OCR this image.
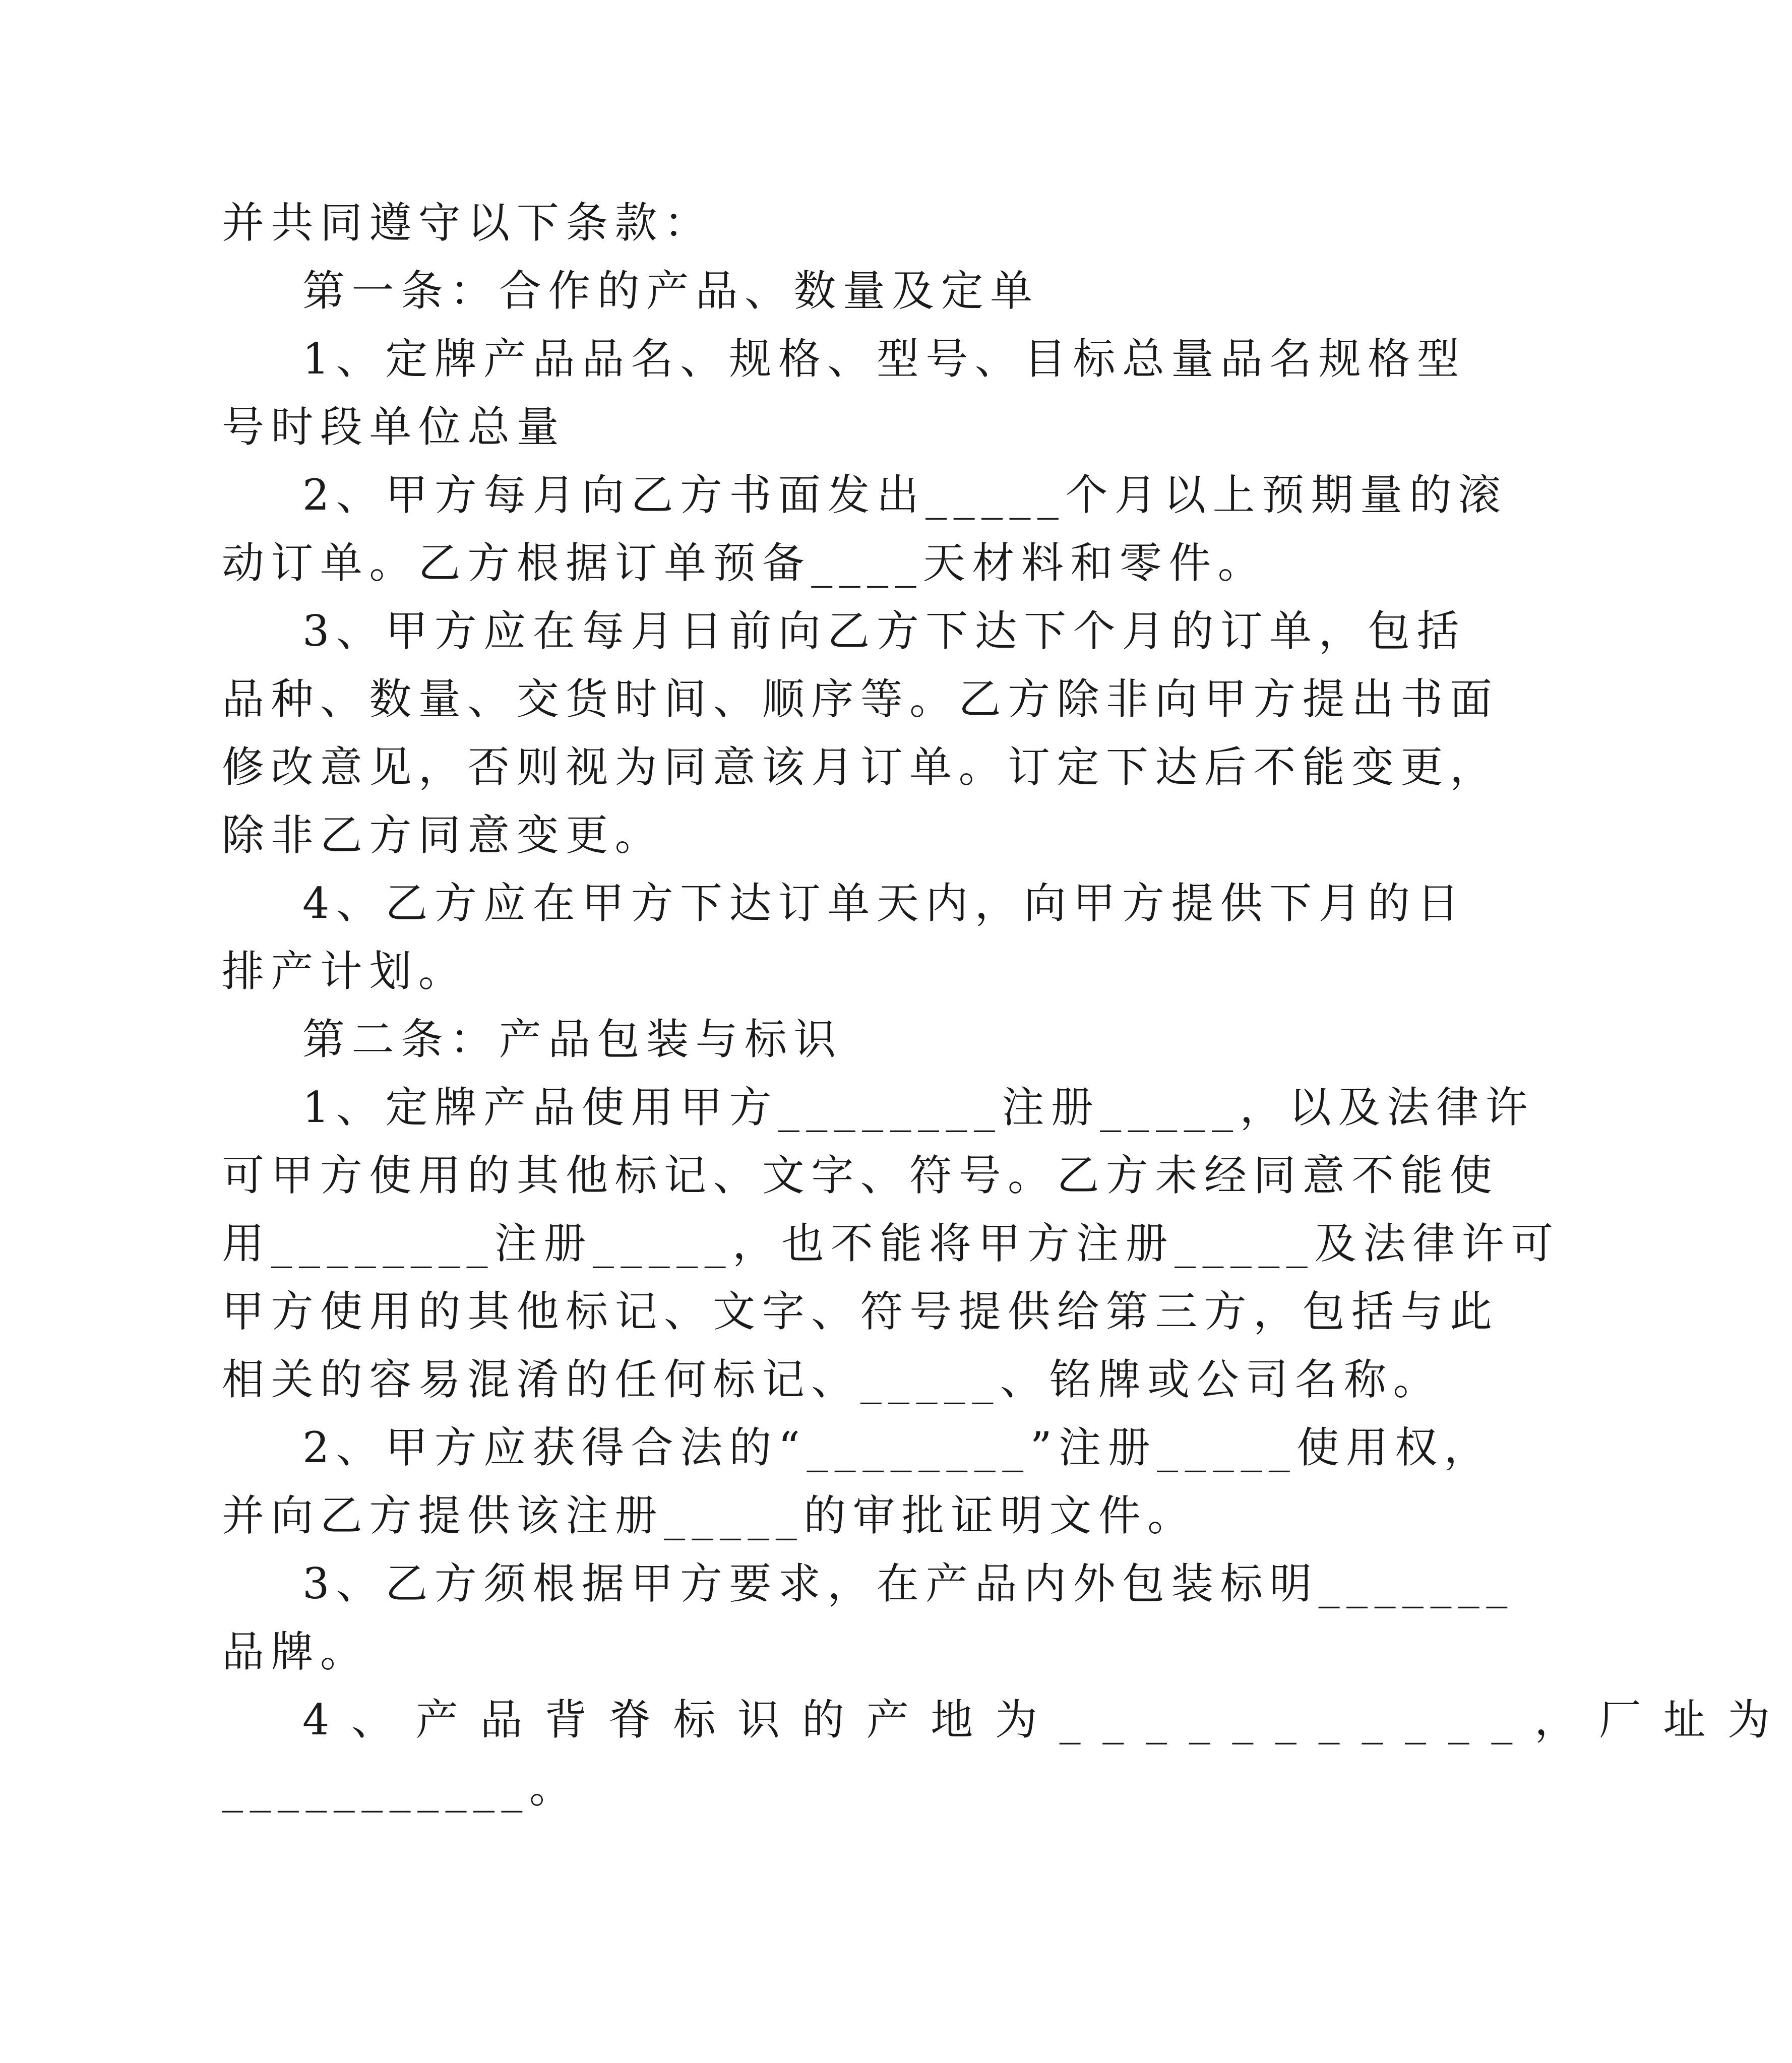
并共同遵守以下条款：
第一条：合作的产品、数量及定单
1、定牌产品品名、规格、型号、目标总量品名规格型
号时段单位总量
2、甲方每月向乙方书面发出_____个月以上预期量的滚
动订单。乙方根据订单预备____天材料和零件。
3、甲方应在每月日前向乙方下达下个月的订单，包括
品种、数量、交货时间、顺序等。乙方除非向甲方提出书面
修改意见，否则视为同意该月订单。订定下达后不能变更，
除非乙方同意变更。
4、乙方应在甲方下达订单天内，向甲方提供下月的日
排产计划。
第二条：产品包装与标识
1、定牌产品使用甲方________注册_____，以及法律许
可甲方使用的其他标记、文字、符号。乙方未经同意不能使
用________注册_____，也不能将甲方注册_____及法律许可
甲方使用的其他标记、文字、符号提供给第三方，包括与此
相关的容易混淆的任何标记、_____、铭牌或公司名称。
2、甲方应获得合法的“________”注册_____使用权，
并向乙方提供该注册_____的审批证明文件。
3、乙方须根据甲方要求，在产品内外包装标明_______
品牌。
4、产品背脊标识的产地为___________，厂址为
___________。
